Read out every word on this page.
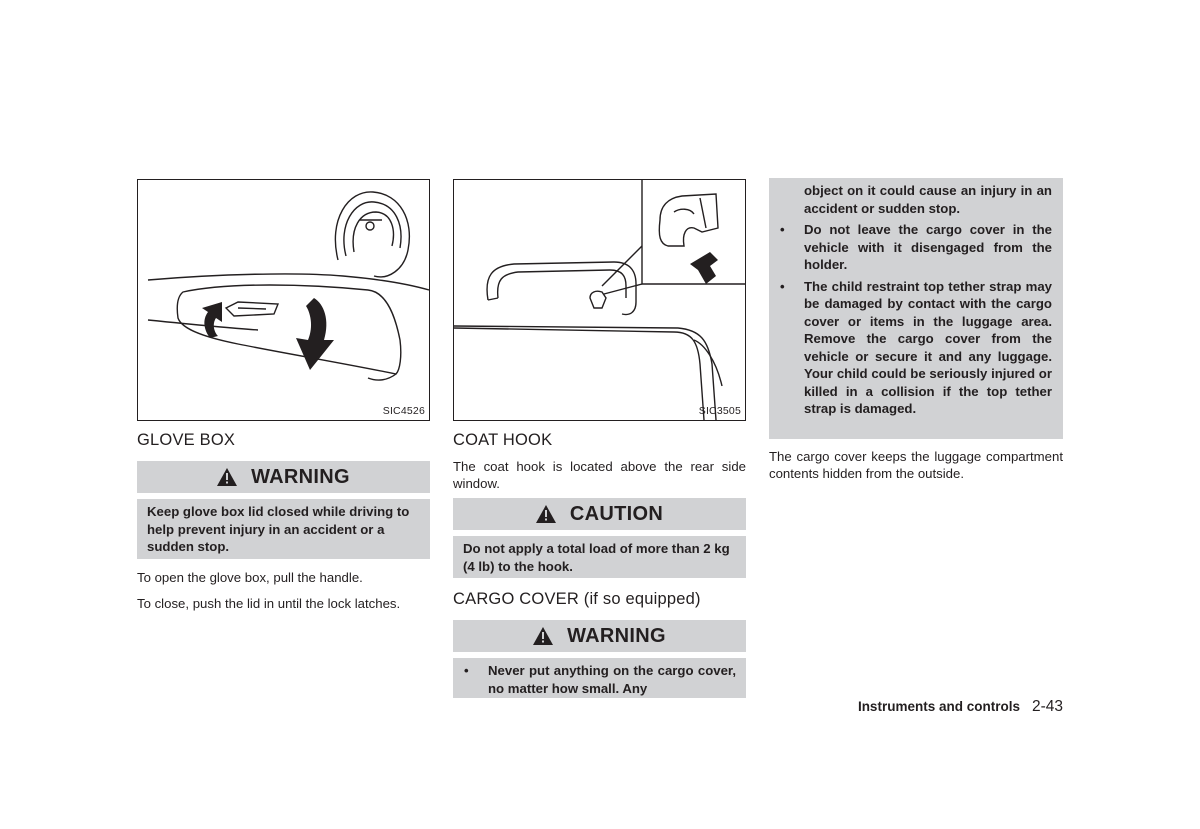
SIC4526
GLOVE BOX
WARNING

Keep glove box lid closed while driving to help prevent injury in an accident or a sudden stop.

To open the glove box, pull the handle.

To close, push the lid in until the lock latches.

SIC3505
COAT HOOK

The coat hook is located above the rear side window.

CAUTION

Do not apply a total load of more than 2 kg (4 lb) to the hook.

CARGO COVER (if so equipped)
WARNING
• Never put anything on the cargo cover, no matter how small. Any
object on it could cause an injury in an accident or sudden stop.
• Do not leave the cargo cover in the vehicle with it disengaged from the holder.
• The child restraint top tether strap may be damaged by contact with the cargo cover or items in the luggage area. Remove the cargo cover from the vehicle or secure it and any luggage. Your child could be seriously injured or killed in a collision if the top tether strap is damaged.

The cargo cover keeps the luggage compartment contents hidden from the outside.

Instruments and controls 2-43
